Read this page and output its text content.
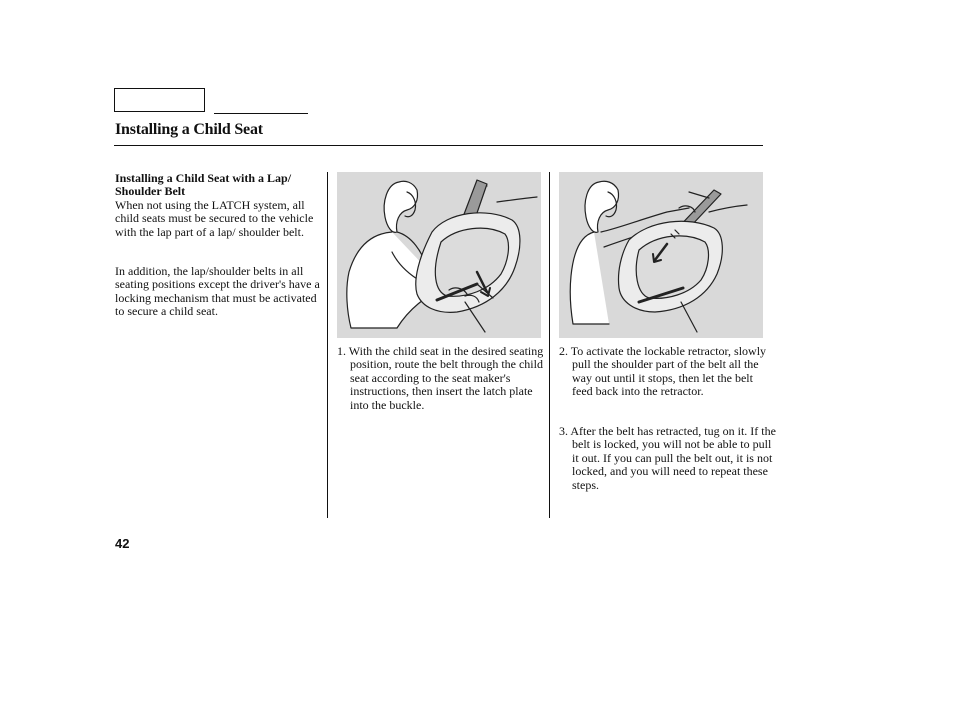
Installing a Child Seat
Installing a Child Seat with a Lap/ Shoulder Belt
When not using the LATCH system, all child seats must be secured to the vehicle with the lap part of a lap/ shoulder belt.
In addition, the lap/shoulder belts in all seating positions except the driver's have a locking mechanism that must be activated to secure a child seat.
1. With the child seat in the desired seating position, route the belt through the child seat according to the seat maker's instructions, then insert the latch plate into the buckle.
2. To activate the lockable retractor, slowly pull the shoulder part of the belt all the way out until it stops, then let the belt feed back into the retractor.
3. After the belt has retracted, tug on it. If the belt is locked, you will not be able to pull it out. If you can pull the belt out, it is not locked, and you will need to repeat these steps.
42
